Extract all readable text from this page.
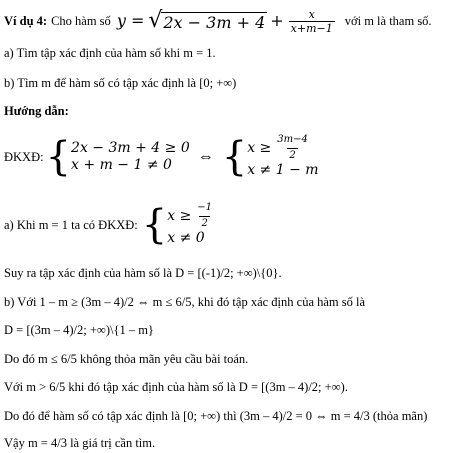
Ví dụ 4: Cho hàm số y = √ $2x - 3m + 4 + \frac{x}{x+m-1}$ với m là tham số.
a) Tìm tập xác định của hàm số khi m = 1.
b) Tìm m để hàm số có tập xác định là [0; +∞)
Hướng dẫn:
ĐKXĐ: { 2x − 3m + 4 ≥ 0
x + m − 1 ≠ 0	⇔ { $x \ge \frac{3m-4}{2}$
x ≠ 1 − m
a) Khi m = 1 ta có ĐKXĐ: { $x \ge \frac{-1}{2}$
x ≠ 0
Suy ra tập xác định của hàm số là D = [(-1)/2; +∞)\{0}.
b) Với 1 – m ≥ (3m – 4)/2 ⇔ m ≤ 6/5, khi đó tập xác định của hàm số là
D = [(3m – 4)/2; +∞)\{1 – m}
Do đó m ≤ 6/5 không thỏa mãn yêu cầu bài toán.
Với m > 6/5 khi đó tập xác định của hàm số là D = [(3m – 4)/2; +∞).
Do đó để hàm số có tập xác định là [0; +∞) thì (3m – 4)/2 = 0 ⇔ m = 4/3 (thỏa mãn)
Vậy m = 4/3 là giá trị cần tìm.
